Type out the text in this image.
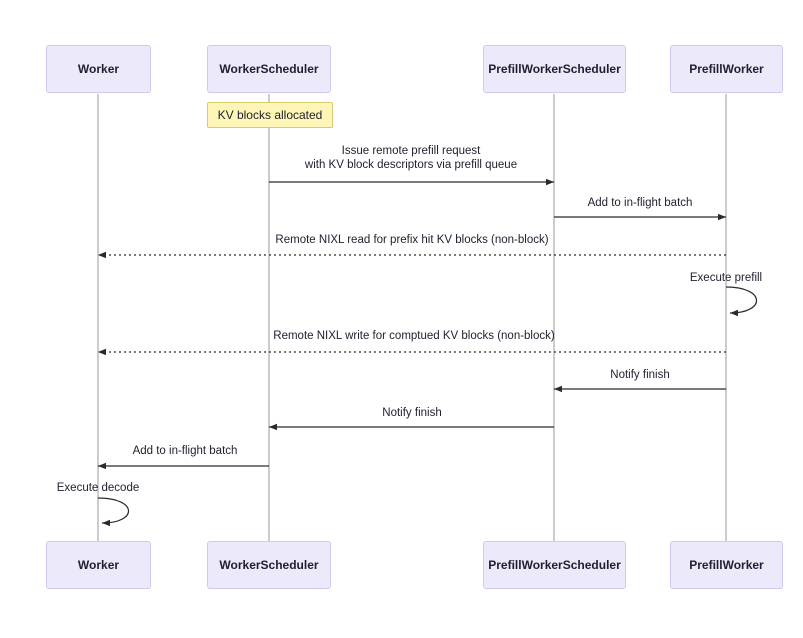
Worker	WorkerScheduler	PrefillWorkerScheduler	PrefillWorker
Worker	WorkerScheduler	PrefillWorkerScheduler	PrefillWorker
KV blocks allocated
Issue remote prefill request
with KV block descriptors via prefill queue
Add to in-flight batch
Remote NIXL read for prefix hit KV blocks (non-block)
Execute prefill
Remote NIXL write for comptued KV blocks (non-block)
Notify finish
Notify finish
Add to in-flight batch
Execute decode
